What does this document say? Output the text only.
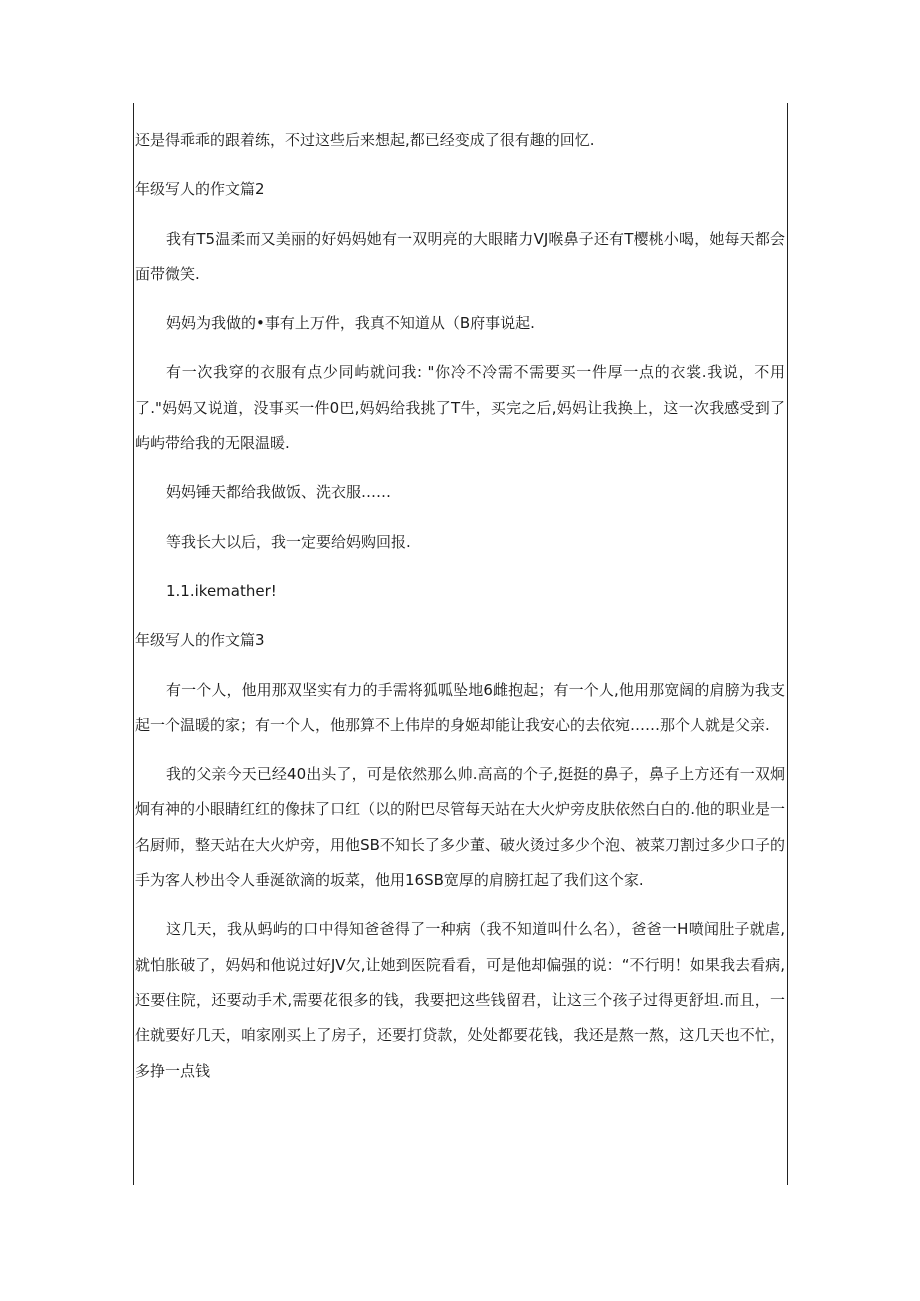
还是得乖乖的跟着练，不过这些后来想起,都已经变成了很有趣的回忆.

年级写人的作文篇2

我有T5温柔而又美丽的好妈妈她有一双明亮的大眼睹力VJ喉鼻子还有T樱桃小喝，她每天都会面带微笑.

妈妈为我做的•事有上万件，我真不知道从（B府事说起.

有一次我穿的衣服有点少同屿就问我: "你冷不冷需不需要买一件厚一点的衣裳.我说，不用了."妈妈又说道，没事买一件0巴,妈妈给我挑了T牛，买完之后,妈妈让我换上，这一次我感受到了屿屿带给我的无限温暖.

妈妈锤天都给我做饭、洗衣服……

等我长大以后，我一定要给妈购回报.

1.1.ikemather!

年级写人的作文篇3

有一个人，他用那双坚实有力的手需将狐呱坠地6雌抱起；有一个人,他用那宽阔的肩膀为我支起一个温暖的家；有一个人，他那算不上伟岸的身姬却能让我安心的去依宛……那个人就是父亲.

我的父亲今天已经40出头了，可是依然那么帅.高高的个子,挺挺的鼻子，鼻子上方还有一双炯炯有神的小眼睛红红的像抹了口红（以的附巴尽管每天站在大火炉旁皮肤依然白白的.他的职业是一名厨师，整天站在大火炉旁，用他SB不知长了多少董、破火烫过多少个泡、被菜刀割过多少口子的手为客人杪出令人垂涎欲滴的坂菜，他用16SB宽厚的肩膀扛起了我们这个家.

这几天，我从蚂屿的口中得知爸爸得了一种病（我不知道叫什么名），爸爸一H喷闻肚子就虐,就怕胀破了，妈妈和他说过好JV欠,让她到医院看看，可是他却偏强的说：“不行明！如果我去看病,还要住院，还要动手术,需要花很多的钱，我要把这些钱留君，让这三个孩子过得更舒坦.而且，一住就要好几天，咱家刚买上了房子，还要打贷款，处处都要花钱，我还是熬一熬，这几天也不忙，多挣一点钱
